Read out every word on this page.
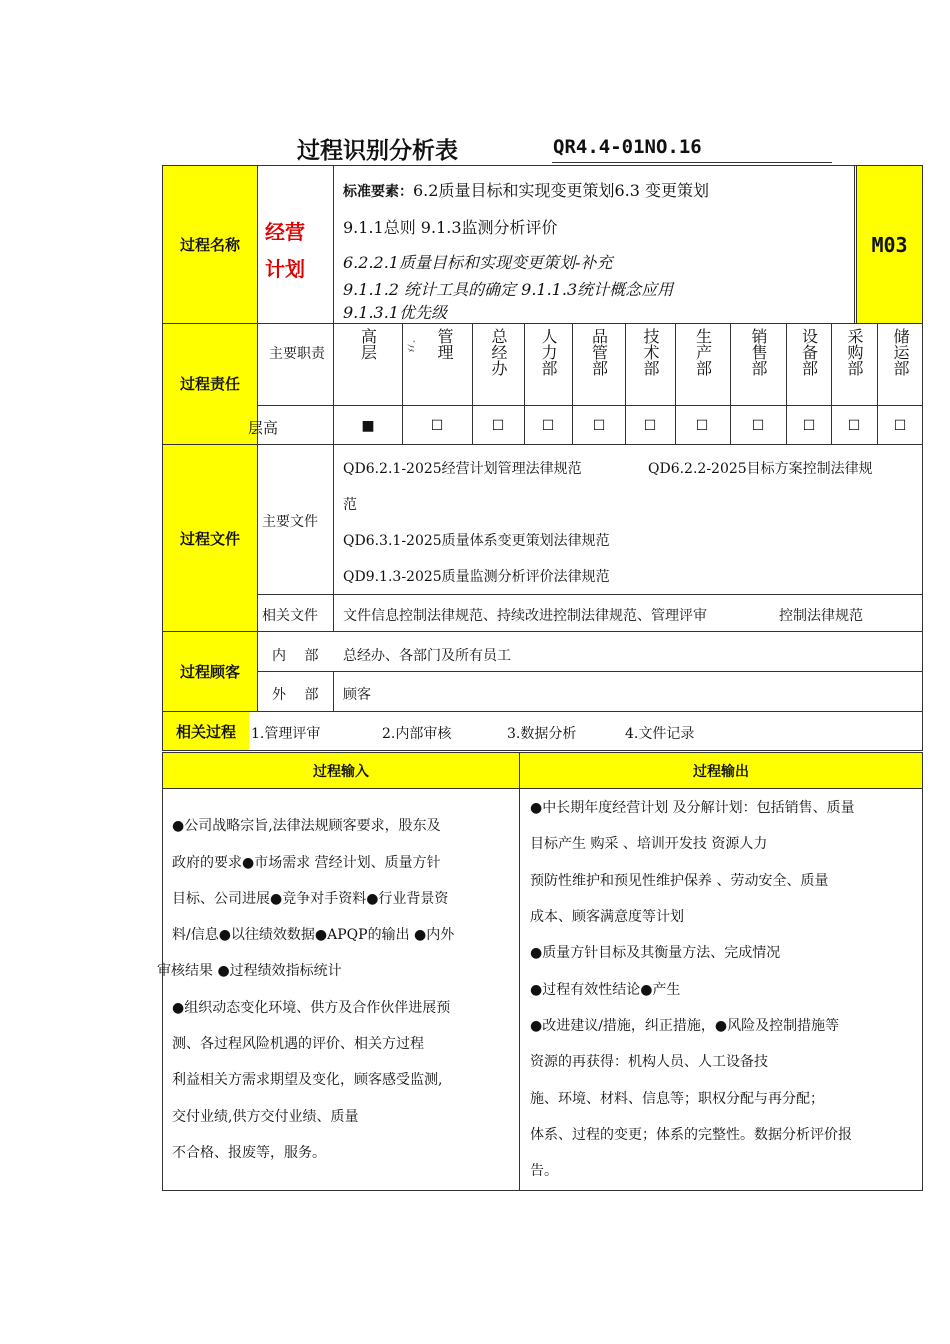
过程识别分析表	QR4.4-01NO.16
过程名称
经营
计划
标准要素：6.2质量目标和实现变更策划6.3 变更策划
9.1.1总则 9.1.3监测分析评价
6.2.2.1质量目标和实现变更策划-补充
9.1.1.2 统计工具的确定 9.1.1.3统计概念应用
9.1.3.1优先级
M03
过程责任
主要职责
层高
高层	ﾞﾉﾒ 管理 总经办 人力部 品管部 技术部 生产部 销售部 设备部 采购部 储运部
■	☐	☐	☐	☐	☐	☐	☐	☐ ☐ ☐
过程文件
主要文件
QD6.2.1-2025经营计划管理法律规范	QD6.2.2-2025目标方案控制法律规
范
QD6.3.1-2025质量体系变更策划法律规范
QD9.1.3-2025质量监测分析评价法律规范
相关文件 文件信息控制法律规范、持续改进控制法律规范、管理评审	控制法律规范
过程顾客
内 部 总经办、各部门及所有员工
外 部 顾客
相关过程 1.管理评审	2.内部审核	3.数据分析	4.文件记录
过程输入	过程输出
●公司战略宗旨,法律法规顾客要求，股东及
政府的要求●市场需求 营经计划、质量方针
目标、公司进展●竞争对手资料●行业背景资
料/信息●以往绩效数据●APQP的输出 ●内外
审核结果 ●过程绩效指标统计
●组织动态变化环境、供方及合作伙伴进展预
测、各过程风险机遇的评价、相关方过程
利益相关方需求期望及变化，顾客感受监测,
交付业绩,供方交付业绩、质量
不合格、报废等，服务。
●中长期年度经营计划 及分解计划：包括销售、质量
目标产生 购采 、培训开发技 资源人力
预防性维护和预见性维护保养 、劳动安全、质量
成本、顾客满意度等计划
●质量方针目标及其衡量方法、完成情况
●过程有效性结论●产生
●改进建议/措施，纠正措施，●风险及控制措施等
资源的再获得：机构人员、人工设备技
施、环境、材料、信息等；职权分配与再分配；
体系、过程的变更；体系的完整性。数据分析评价报
告。
